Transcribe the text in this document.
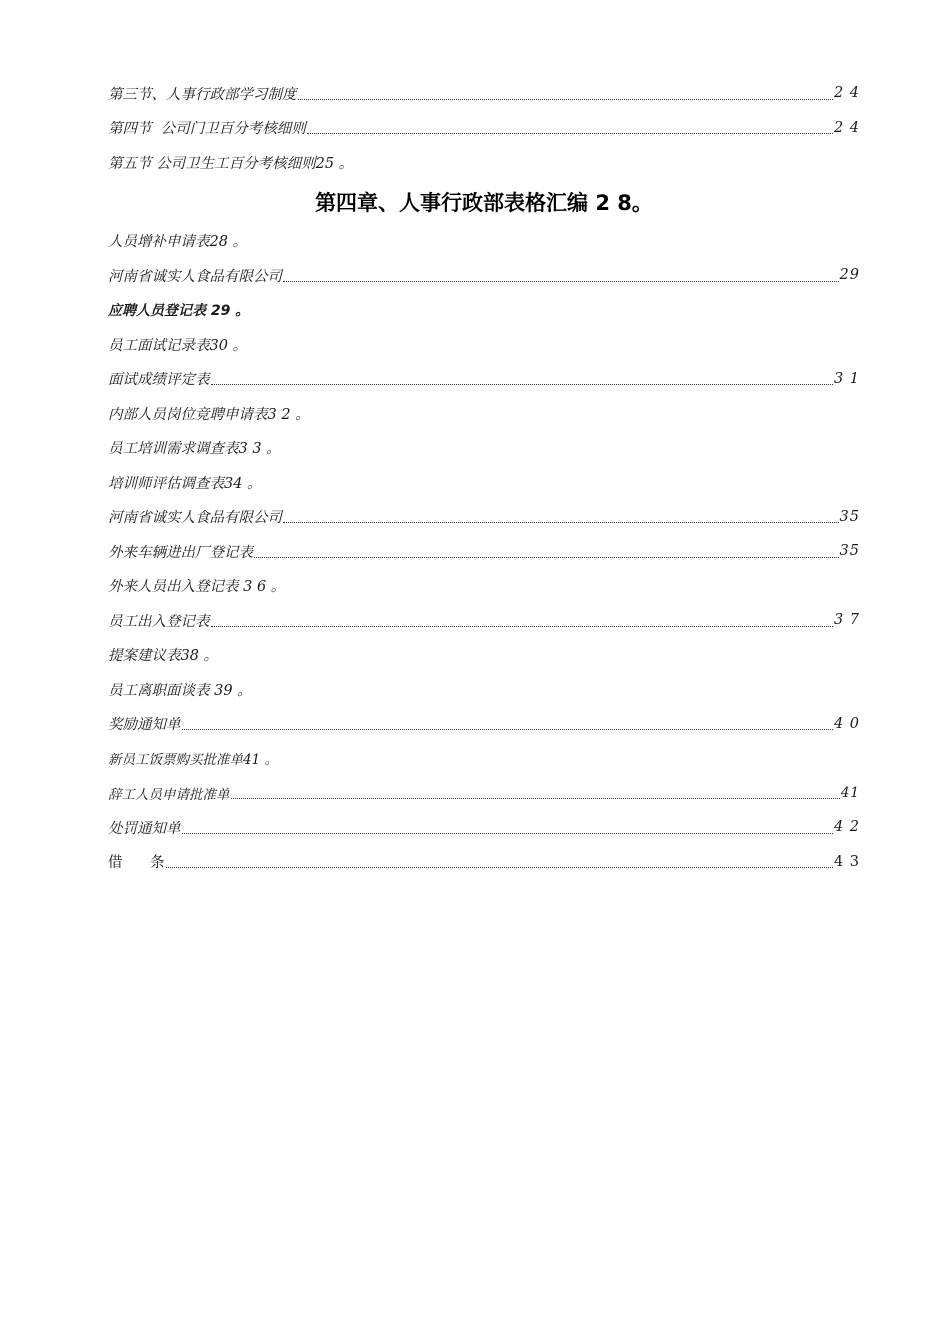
第三节、人事行政部学习制度	2 4
第四节  公司门卫百分考核细则	2 4
第五节 公司卫生工百分考核细则25 。
第四章、人事行政部表格汇编 2 8。
人员增补申请表28 。
河南省诚实人食品有限公司	29
应聘人员登记表 29 。
员工面试记录表30 。
面试成绩评定表	3 1
内部人员岗位竞聘申请表3 2 。
员工培训需求调查表3 3 。
培训师评估调查表34 。
河南省诚实人食品有限公司	35
外来车辆进出厂登记表	35
外来人员出入登记表 3 6 。
员工出入登记表	3 7
提案建议表38 。
员工离职面谈表 39 。
奖励通知单	4 0
新员工饭票购买批准单41 。
辞工人员申请批准单	41
处罚通知单	4 2
借      条	4 3
